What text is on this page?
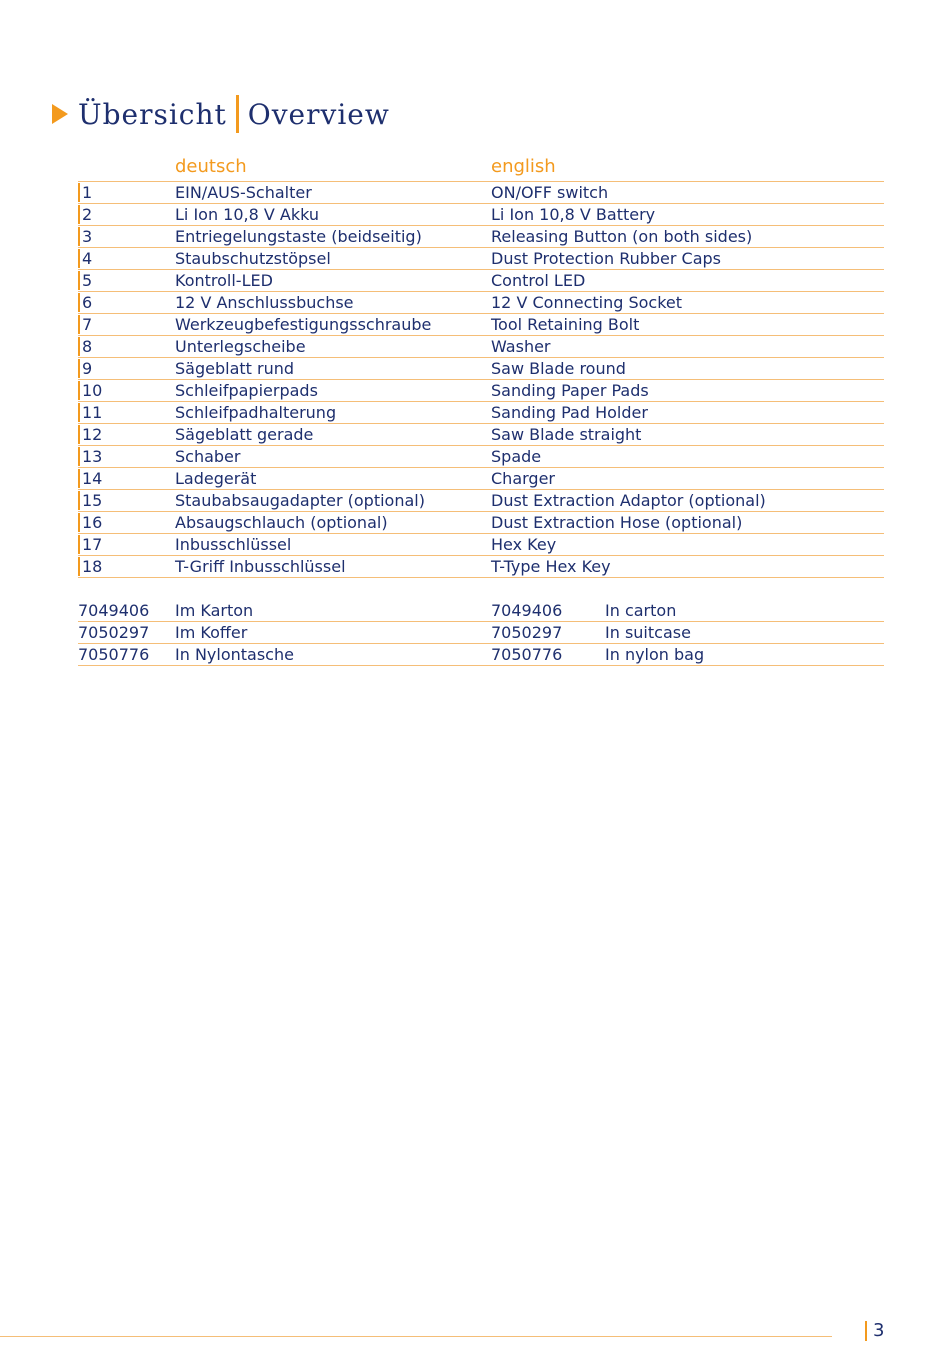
Übersicht Overview
deutsch	english
1	EIN/AUS-Schalter	ON/OFF switch
2	Li Ion 10,8 V Akku	Li Ion 10,8 V Battery
3	Entriegelungstaste (beidseitig)	Releasing Button (on both sides)
4	Staubschutzstöpsel	Dust Protection Rubber Caps
5	Kontroll-LED	Control LED
6	12 V Anschlussbuchse	12 V Connecting Socket
7	Werkzeugbefestigungsschraube	Tool Retaining Bolt
8	Unterlegscheibe	Washer
9	Sägeblatt rund	Saw Blade round
10	Schleifpapierpads	Sanding Paper Pads
11	Schleifpadhalterung	Sanding Pad Holder
12	Sägeblatt gerade	Saw Blade straight
13	Schaber	Spade
14	Ladegerät	Charger
15	Staubabsaugadapter (optional)	Dust Extraction Adaptor (optional)
16	Absaugschlauch (optional)	Dust Extraction Hose (optional)
17	Inbusschlüssel	Hex Key
18	T-Griff Inbusschlüssel	T-Type Hex Key
7049406 Im Karton	7049406	In carton
7050297 Im Koffer	7050297	In suitcase
7050776 In Nylontasche	7050776	In nylon bag
3
